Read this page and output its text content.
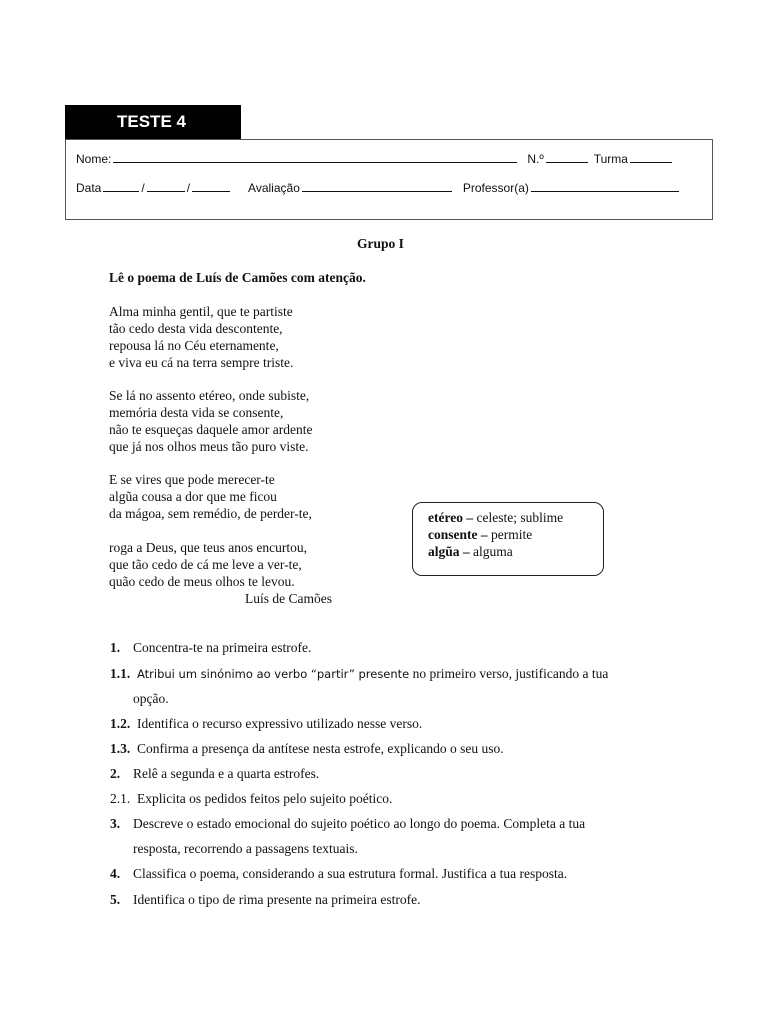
TESTE 4
Nome:	N.º	Turma
Data	/	/	Avaliação	Professor(a)
Grupo I
Lê o poema de Luís de Camões com atenção.
Alma minha gentil, que te partiste
tão cedo desta vida descontente,
repousa lá no Céu eternamente,
e viva eu cá na terra sempre triste.
Se lá no assento etéreo, onde subiste,
memória desta vida se consente,
não te esqueças daquele amor ardente
que já nos olhos meus tão puro viste.
E se vires que pode merecer-te
algũa cousa a dor que me ficou
da mágoa, sem remédio, de perder-te,
roga a Deus, que teus anos encurtou,
que tão cedo de cá me leve a ver-te,
quão cedo de meus olhos te levou.
Luís de Camões
etéreo – celeste; sublime
consente – permite
algũa – alguma
1. Concentra-te na primeira estrofe.
1.1. Atribui um sinónimo ao verbo “partir” presente no primeiro verso, justificando a tua
opção.
1.2. Identifica o recurso expressivo utilizado nesse verso.
1.3. Confirma a presença da antítese nesta estrofe, explicando o seu uso.
2. Relê a segunda e a quarta estrofes.
2.1. Explicita os pedidos feitos pelo sujeito poético.
3. Descreve o estado emocional do sujeito poético ao longo do poema. Completa a tua
resposta, recorrendo a passagens textuais.
4. Classifica o poema, considerando a sua estrutura formal. Justifica a tua resposta.
5. Identifica o tipo de rima presente na primeira estrofe.
